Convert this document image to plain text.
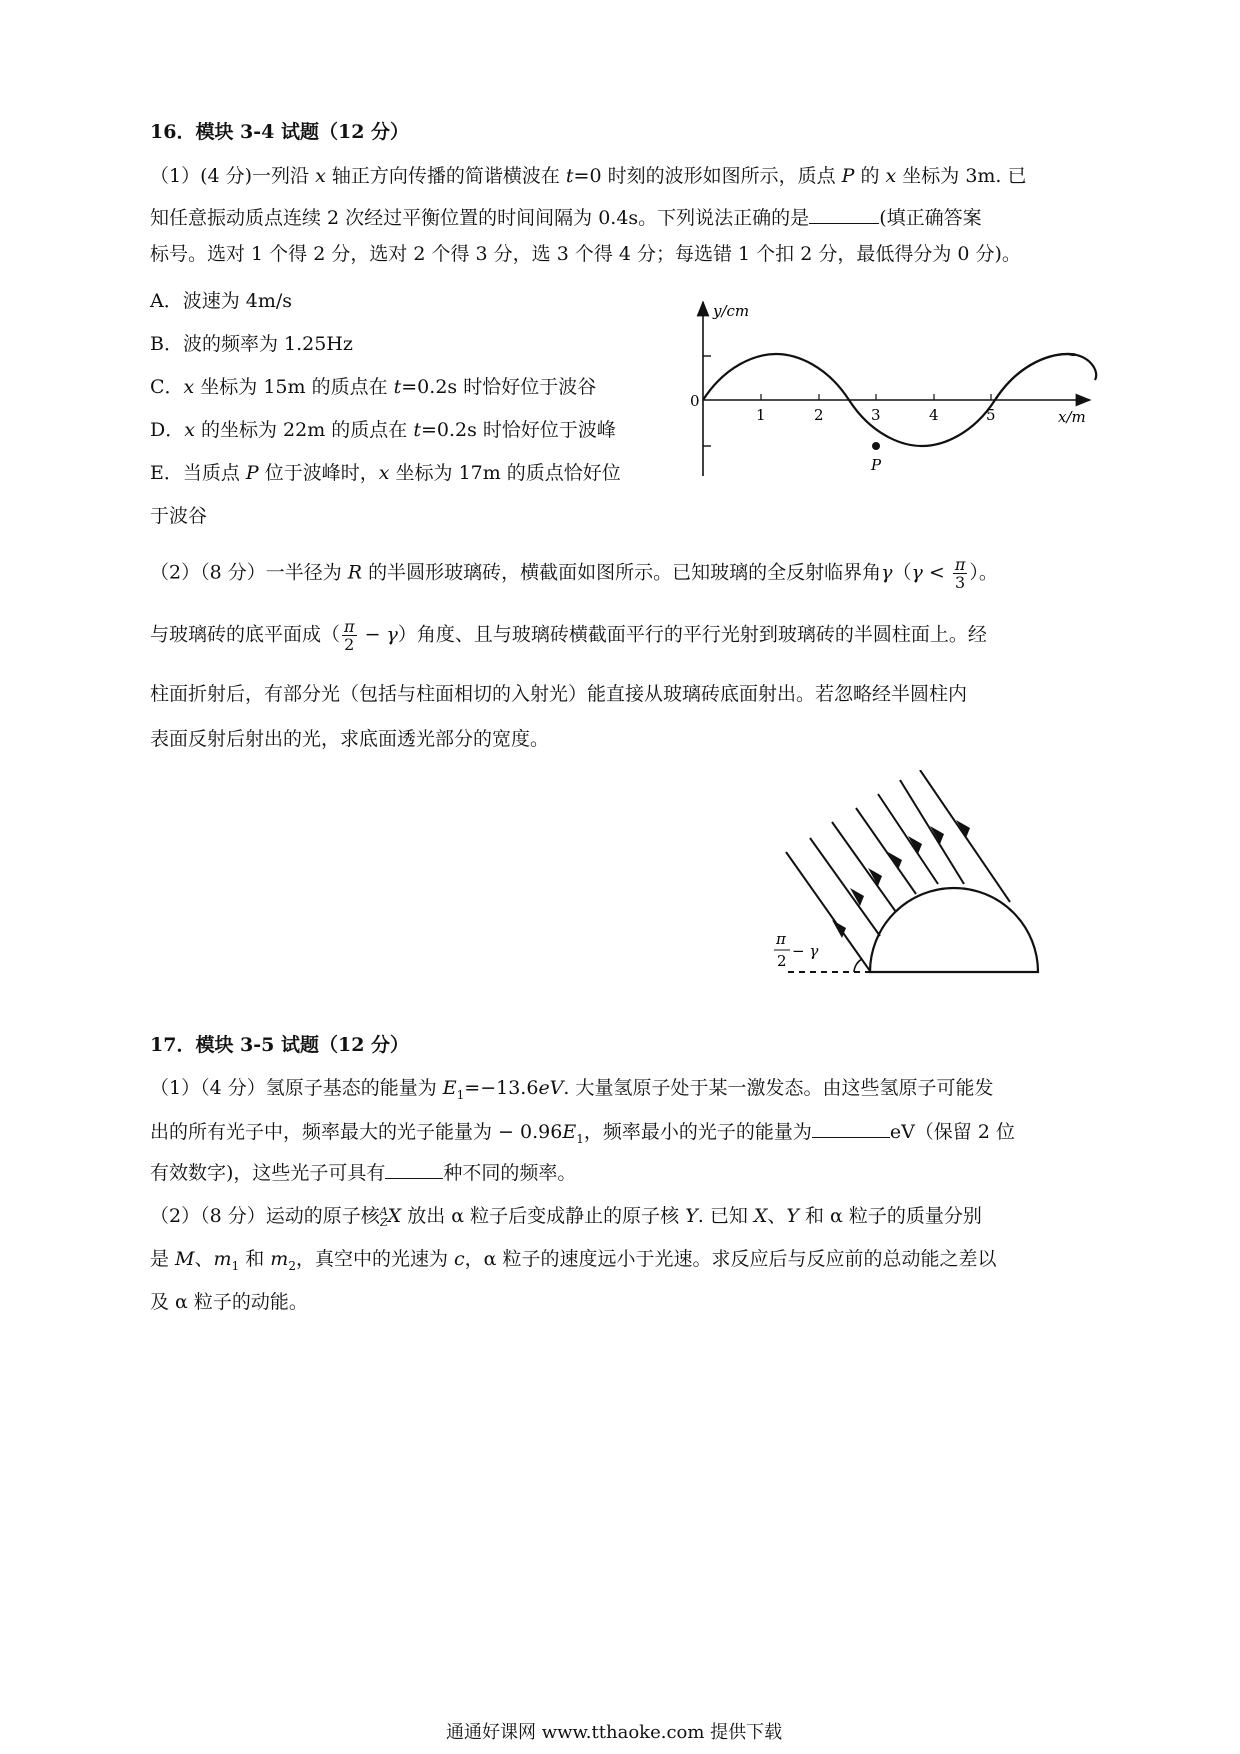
16．模块 3-4 试题（12 分）
（1）(4 分)一列沿 x 轴正方向传播的简谐横波在 t=0 时刻的波形如图所示，质点 P 的 x 坐标为 3m. 已
知任意振动质点连续 2 次经过平衡位置的时间间隔为 0.4s。下列说法正确的是	(填正确答案
标号。选对 1 个得 2 分，选对 2 个得 3 分，选 3 个得 4 分；每选错 1 个扣 2 分，最低得分为 0 分)。
A．波速为 4m/s
B．波的频率为 1.25Hz
C．x 坐标为 15m 的质点在 t=0.2s 时恰好位于波谷
D．x 的坐标为 22m 的质点在 t=0.2s 时恰好位于波峰
E．当质点 P 位于波峰时，x 坐标为 17m 的质点恰好位
于波谷
y/cm
x/m
0
1	2	3	4	5
P
（2）（8 分）一半径为 R 的半圆形玻璃砖，横截面如图所示。已知玻璃的全反射临界角$\gamma(\gamma < \frac{\pi}{3}$ ）。
与玻璃砖的底平面成（ $\frac{\pi}{2} - \gamma$）角度、且与玻璃砖横截面平行的平行光射到玻璃砖的半圆柱面上。经
柱面折射后，有部分光（包括与柱面相切的入射光）能直接从玻璃砖底面射出。若忽略经半圆柱内
表面反射后射出的光，求底面透光部分的宽度。
π
2
− γ
17．模块 3-5 试题（12 分）
（1）（4 分）氢原子基态的能量为 $E_1=-13.6eV$. 大量氢原子处于某一激发态。由这些氢原子可能发
出的所有光子中，频率最大的光子能量为 − $0.96E_1$，频率最小的光子的能量为	eV（保留 2 位
有效数字)，这些光子可具有	种不同的频率。
（2）（8 分）运动的原子核 A
Z X 放出 α 粒子后变成静止的原子核 Y. 已知 X、Y 和 α 粒子的质量分别
是 M、$m_1$ 和 $m_2$，真空中的光速为 c，α 粒子的速度远小于光速。求反应后与反应前的总动能之差以
及 α 粒子的动能。
通通好课网 www.tthaoke.com 提供下载
